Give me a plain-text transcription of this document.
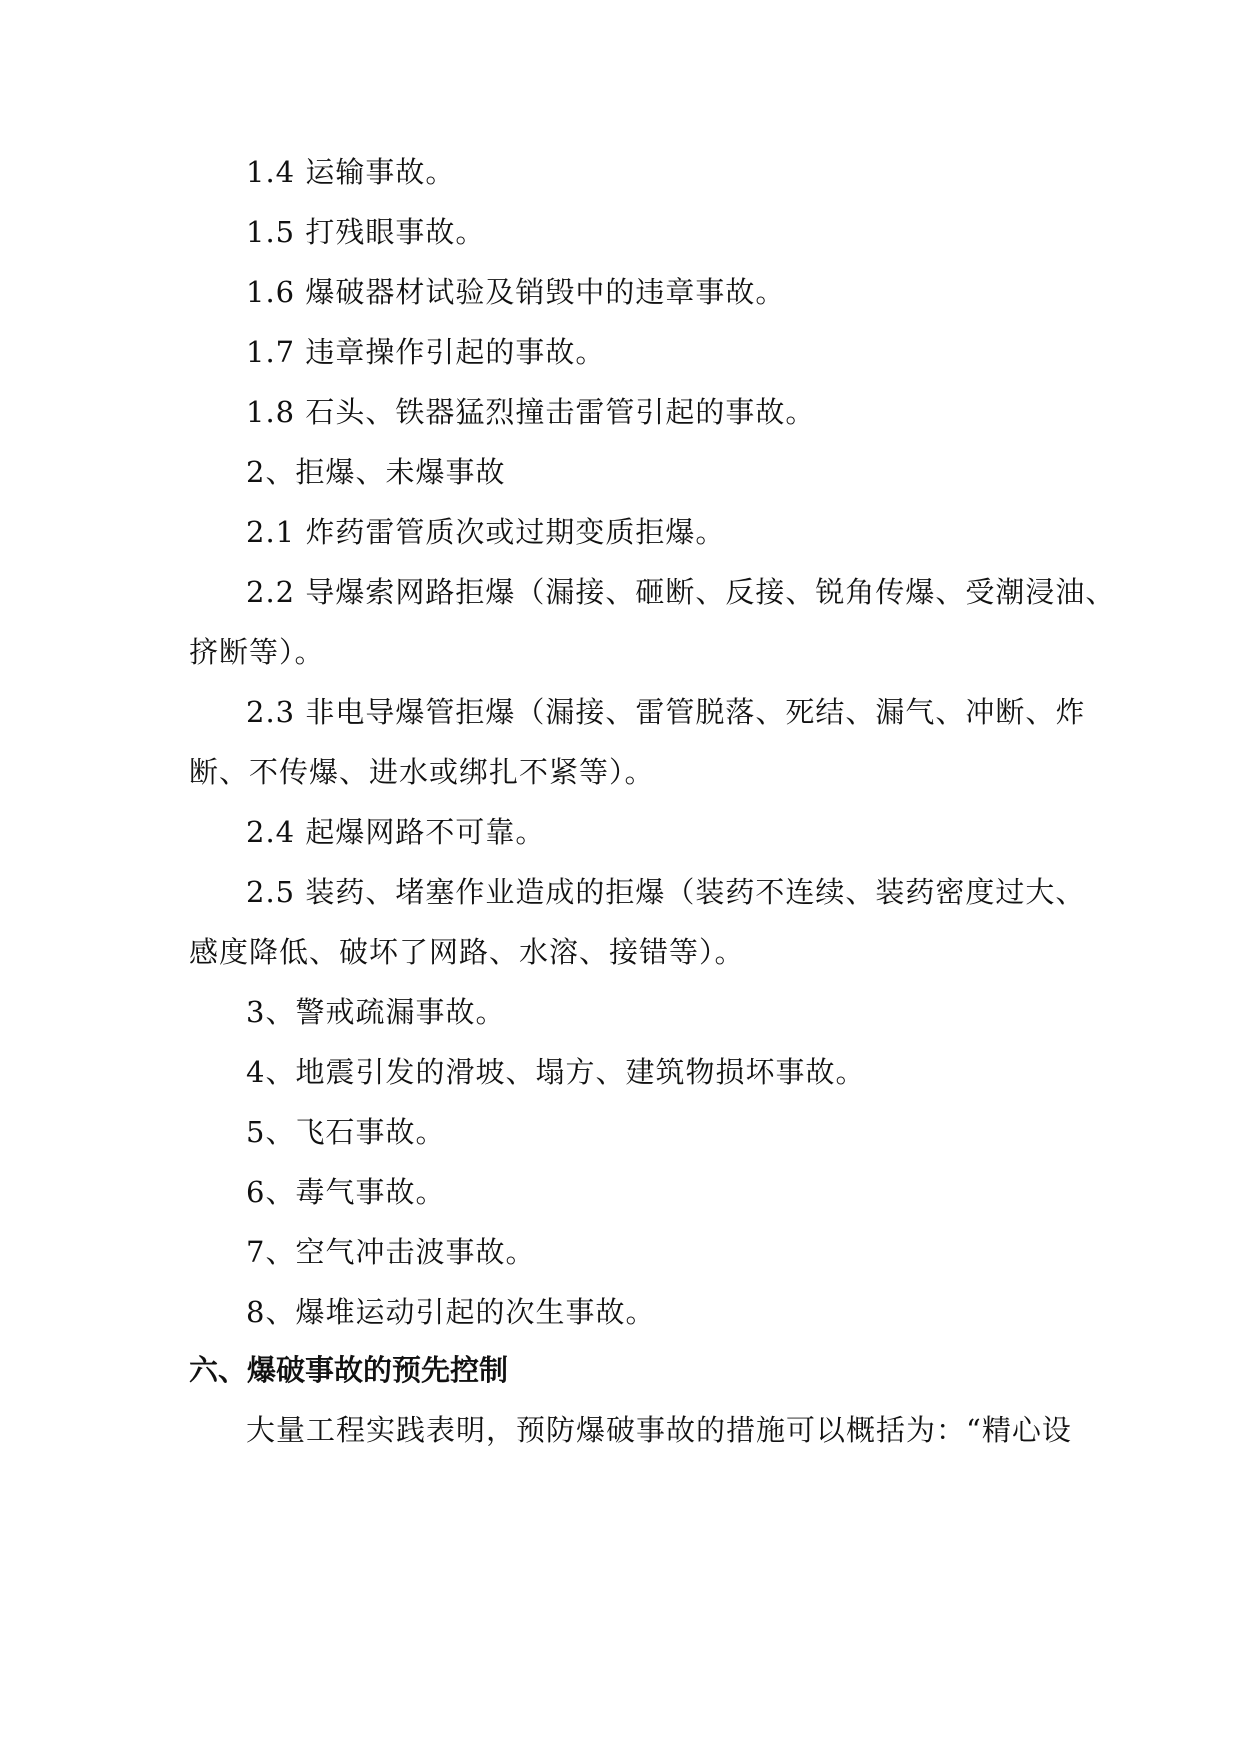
1.4 运输事故。
1.5 打残眼事故。
1.6 爆破器材试验及销毁中的违章事故。
1.7 违章操作引起的事故。
1.8 石头、铁器猛烈撞击雷管引起的事故。
2、拒爆、未爆事故
2.1 炸药雷管质次或过期变质拒爆。
2.2 导爆索网路拒爆（漏接、砸断、反接、锐角传爆、受潮浸油、
挤断等）。
2.3 非电导爆管拒爆（漏接、雷管脱落、死结、漏气、冲断、炸
断、不传爆、进水或绑扎不紧等）。
2.4 起爆网路不可靠。
2.5 装药、堵塞作业造成的拒爆（装药不连续、装药密度过大、
感度降低、破坏了网路、水溶、接错等）。
3、警戒疏漏事故。
4、地震引发的滑坡、塌方、建筑物损坏事故。
5、飞石事故。
6、毒气事故。
7、空气冲击波事故。
8、爆堆运动引起的次生事故。
六、爆破事故的预先控制
大量工程实践表明，预防爆破事故的措施可以概括为：“精心设
